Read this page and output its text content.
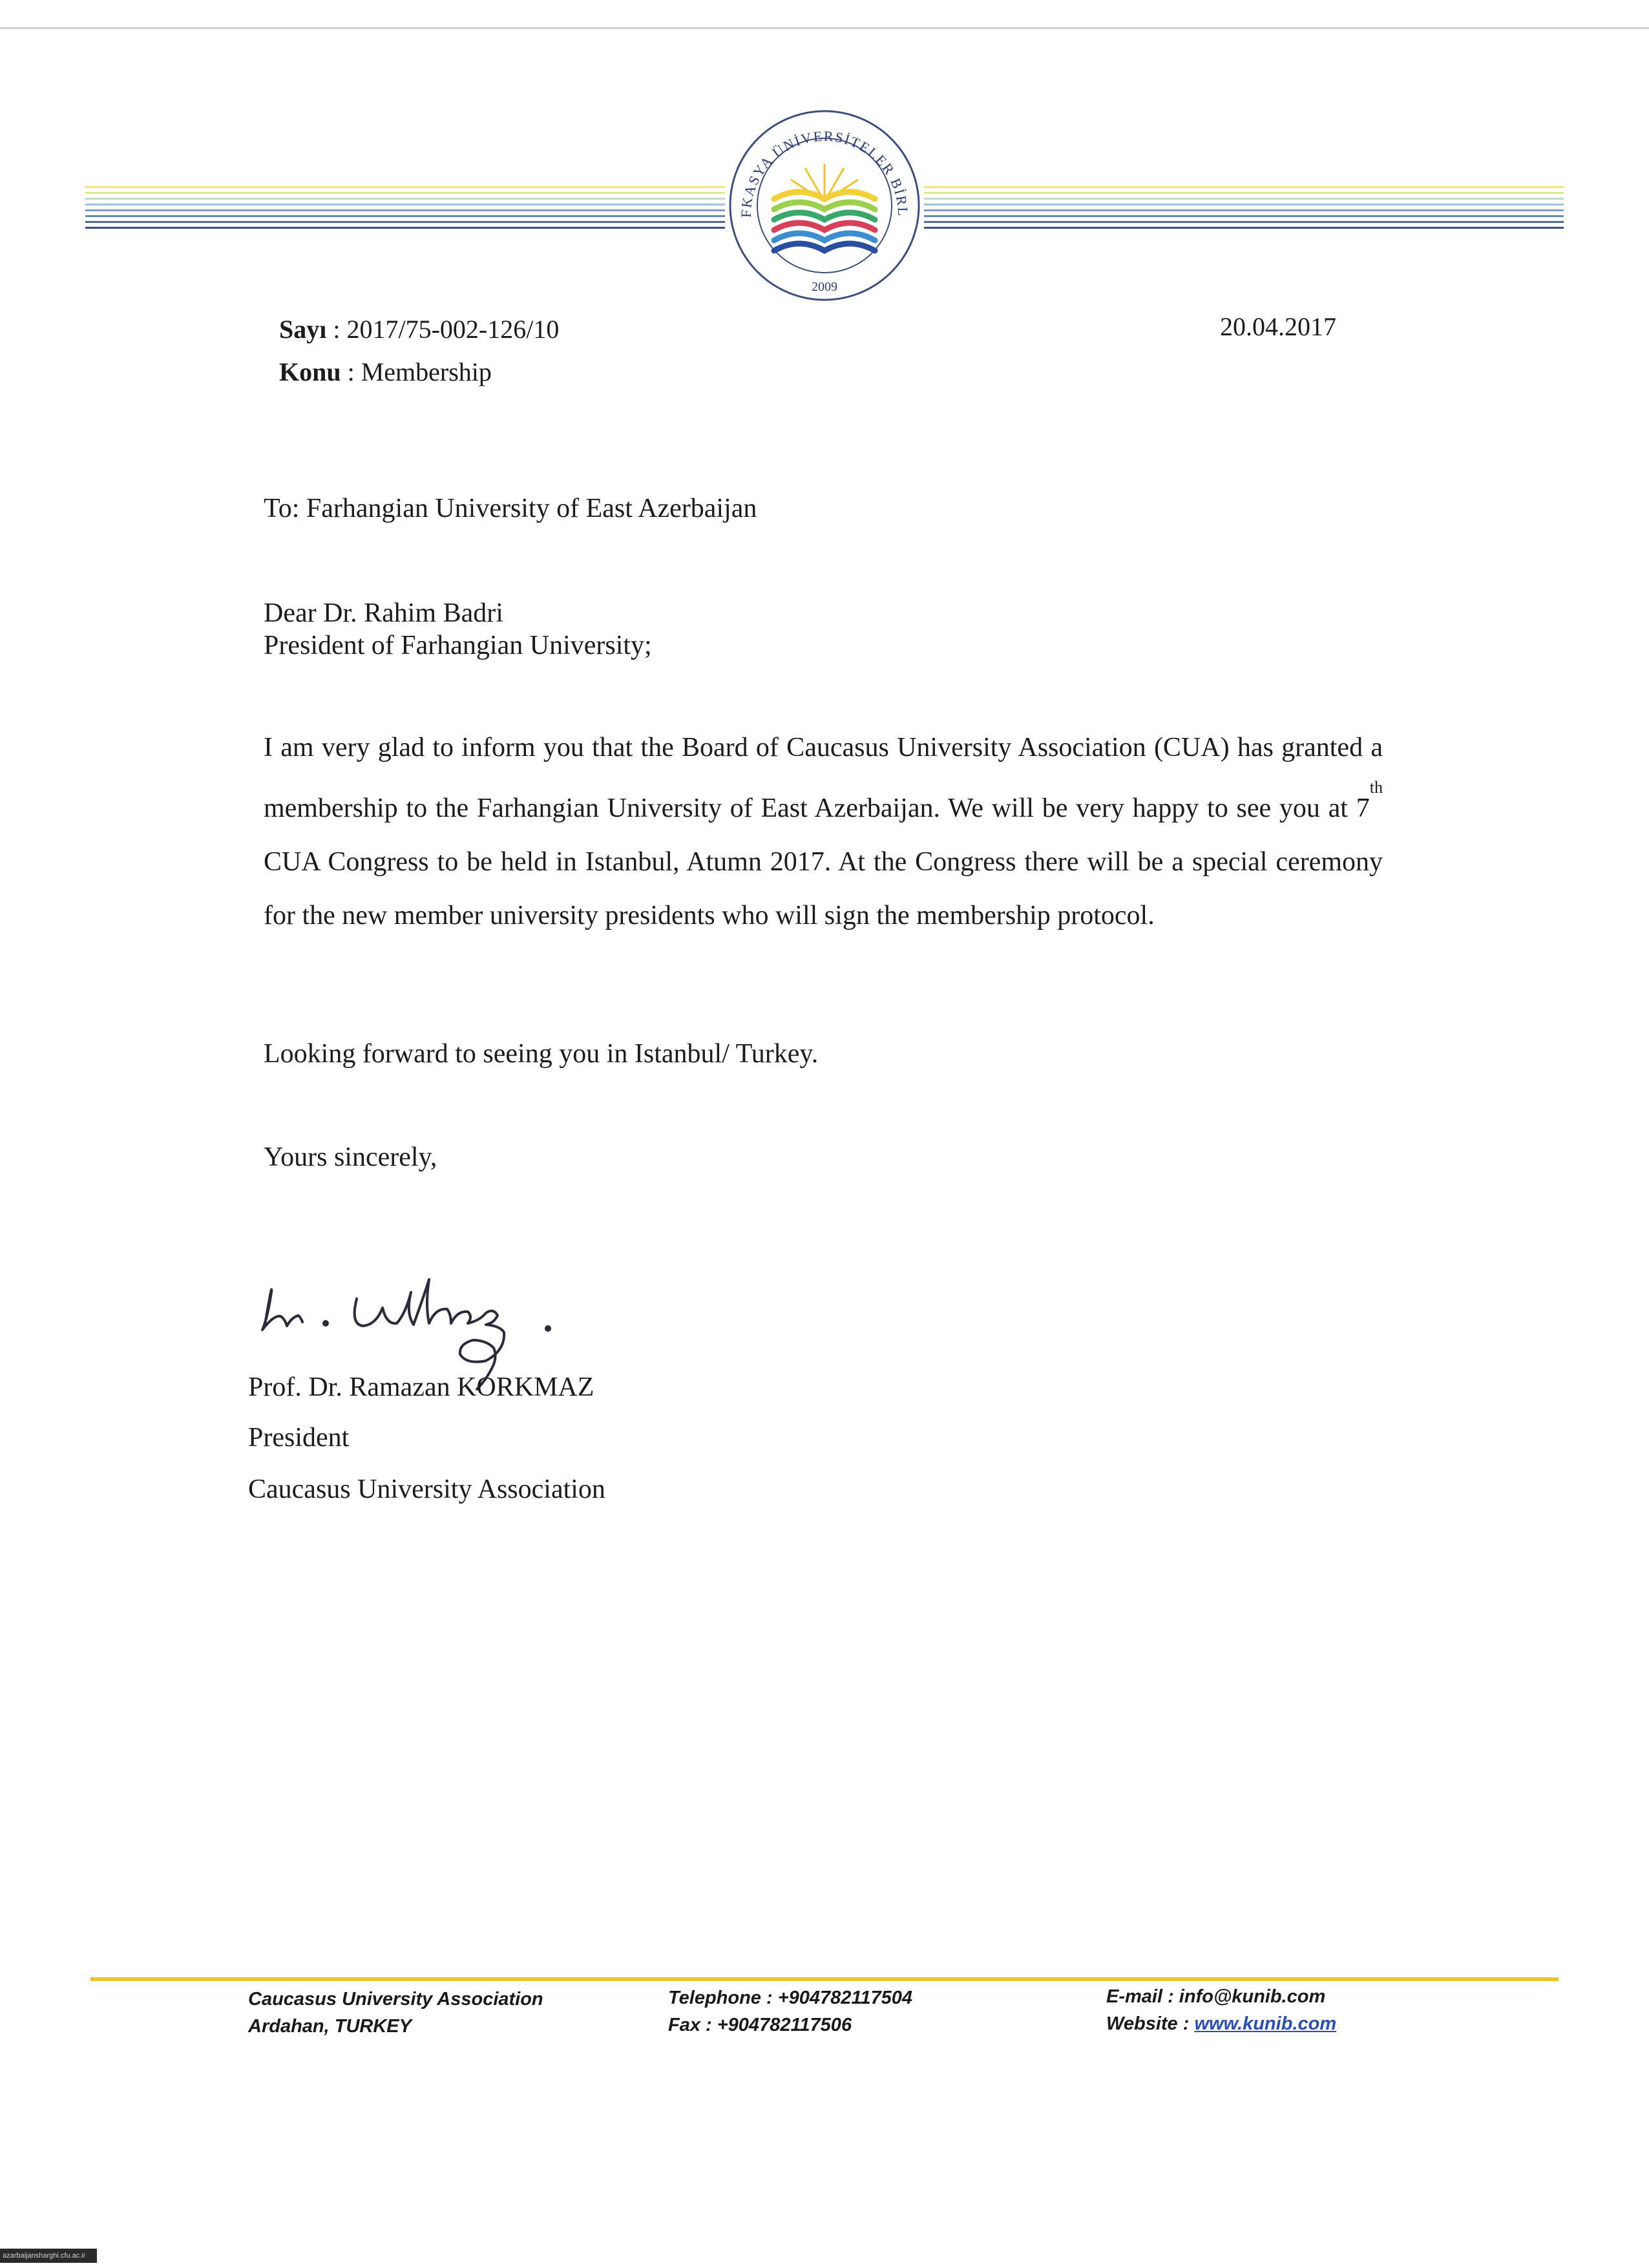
FKASYA ÜNİVERSİTELER BİRL
2009
Sayı : 2017/75-002-126/10
Konu : Membership
20.04.2017
To: Farhangian University of East Azerbaijan
Dear Dr. Rahim Badri
President of Farhangian University;
I am very glad to inform you that the Board of Caucasus University Association (CUA) has granted a membership to the Farhangian University of East Azerbaijan. We will be very happy to see you at 7th CUA Congress to be held in Istanbul, Atumn 2017. At the Congress there will be a special ceremony for the new member university presidents who will sign the membership protocol.
Looking forward to seeing you in Istanbul/ Turkey.
Yours sincerely,
Prof. Dr. Ramazan KORKMAZ
President
Caucasus University Association
Caucasus University Association
Ardahan, TURKEY
Telephone : +904782117504
Fax : +904782117506
E-mail : info@kunib.com
Website : www.kunib.com
azarbaijansharghi.cfu.ac.ir
